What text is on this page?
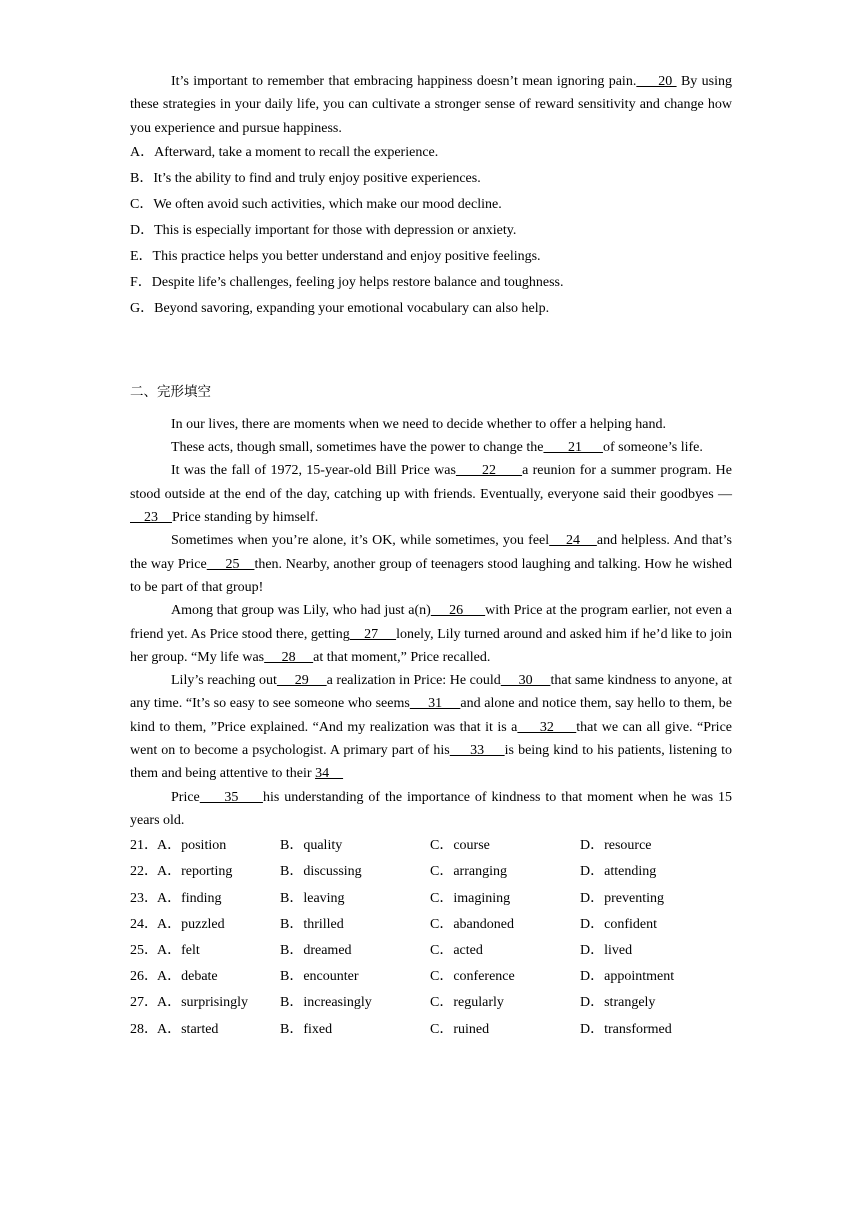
It’s important to remember that embracing happiness doesn’t mean ignoring pain.     20  By using these strategies in your daily life, you can cultivate a stronger sense of reward sensitivity and change how you experience and pursue happiness.

A．Afterward, take a moment to recall the experience.

B．It’s the ability to find and truly enjoy positive experiences.

C．We often avoid such activities, which make our mood decline.

D．This is especially important for those with depression or anxiety.

E．This practice helps you better understand and enjoy positive feelings.

F．Despite life’s challenges, feeling joy helps restore balance and toughness.

G．Beyond savoring, expanding your emotional vocabulary can also help.

二、完形填空

In our lives, there are moments when we need to decide whether to offer a helping hand.

These acts, though small, sometimes have the power to change the       21      of someone’s life.

It was the fall of 1972, 15-year-old Bill Price was      22      a reunion for a summer program. He stood outside at the end of the day, catching up with friends. Eventually, everyone said their goodbyes —    23    Price standing by himself.

Sometimes when you’re alone, it’s OK, while sometimes, you feel    24    and helpless. And that’s the way Price     25    then. Nearby, another group of teenagers stood laughing and talking. How he wished to be part of that group!

Among that group was Lily, who had just a(n)     26      with Price at the program earlier, not even a friend yet. As Price stood there, getting    27     lonely, Lily turned around and asked him if he’d like to join her group. “My life was     28     at that moment,” Price recalled.

Lily’s reaching out     29     a realization in Price: He could     30     that same kindness to anyone, at any time. “It’s so easy to see someone who seems     31     and alone and notice them, say hello to them, be kind to them, ”Price explained. “And my realization was that it is a     32     that we can all give. “Price went on to become a psychologist. A primary part of his     33     is being kind to his patients, listening to them and being attentive to their 34

Price     35     his understanding of the importance of kindness to that moment when he was 15 years old.

21． A．position	B．quality	C．course	D．resource
22． A．reporting	B．discussing	C．arranging	D．attending
23． A．finding	B．leaving	C．imagining	D．preventing
24． A．puzzled	B．thrilled	C．abandoned	D．confident
25． A．felt	B．dreamed	C．acted	D．lived
26． A．debate	B．encounter	C．conference	D．appointment
27． A．surprisingly B．increasingly	C．regularly	D．strangely
28． A．started	B．fixed	C．ruined	D．transformed
